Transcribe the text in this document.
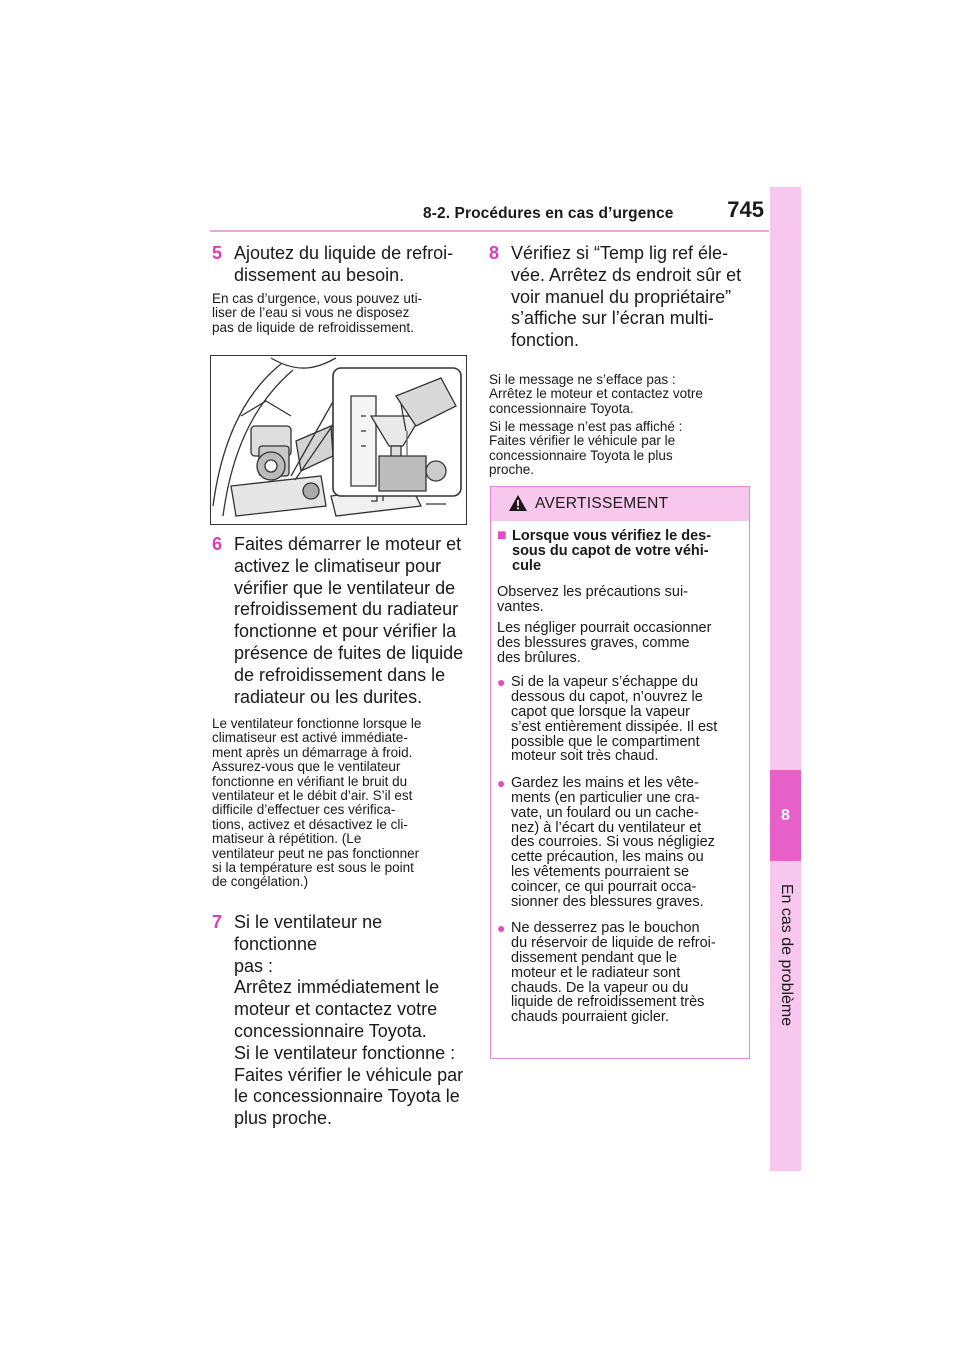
8-2. Procédures en cas d’urgence	745
8
En cas de problème
5 Ajoutez du liquide de refroi-
dissement au besoin.
En cas d’urgence, vous pouvez uti-
liser de l’eau si vous ne disposez
pas de liquide de refroidissement.
6 Faites démarrer le moteur et
activez le climatiseur pour
vérifier que le ventilateur de
refroidissement du radiateur
fonctionne et pour vérifier la
présence de fuites de liquide
de refroidissement dans le
radiateur ou les durites.
Le ventilateur fonctionne lorsque le
climatiseur est activé immédiate-
ment après un démarrage à froid.
Assurez-vous que le ventilateur
fonctionne en vérifiant le bruit du
ventilateur et le débit d’air. S’il est
difficile d’effectuer ces vérifica-
tions, activez et désactivez le cli-
matiseur à répétition. (Le
ventilateur peut ne pas fonctionner
si la température est sous le point
de congélation.)
7 Si le ventilateur ne fonctionne
pas :
Arrêtez immédiatement le
moteur et contactez votre
concessionnaire Toyota.
Si le ventilateur fonctionne :
Faites vérifier le véhicule par
le concessionnaire Toyota le
plus proche.
8 Vérifiez si “Temp lig ref éle-
vée. Arrêtez ds endroit sûr et
voir manuel du propriétaire”
s’affiche sur l’écran multi-
fonction.
Si le message ne s’efface pas :
Arrêtez le moteur et contactez votre
concessionnaire Toyota.
Si le message n’est pas affiché :
Faites vérifier le véhicule par le
concessionnaire Toyota le plus
proche.
AVERTISSEMENT
■ Lorsque vous vérifiez le des-
sous du capot de votre véhi-
cule

Observez les précautions sui-
vantes.

Les négliger pourrait occasionner
des blessures graves, comme
des brûlures.

● Si de la vapeur s’échappe du
dessous du capot, n’ouvrez le
capot que lorsque la vapeur
s’est entièrement dissipée. Il est
possible que le compartiment
moteur soit très chaud.
● Gardez les mains et les vête-
ments (en particulier une cra-
vate, un foulard ou un cache-
nez) à l’écart du ventilateur et
des courroies. Si vous négligiez
cette précaution, les mains ou
les vêtements pourraient se
coincer, ce qui pourrait occa-
sionner des blessures graves.
● Ne desserrez pas le bouchon
du réservoir de liquide de refroi-
dissement pendant que le
moteur et le radiateur sont
chauds. De la vapeur ou du
liquide de refroidissement très
chauds pourraient gicler.
